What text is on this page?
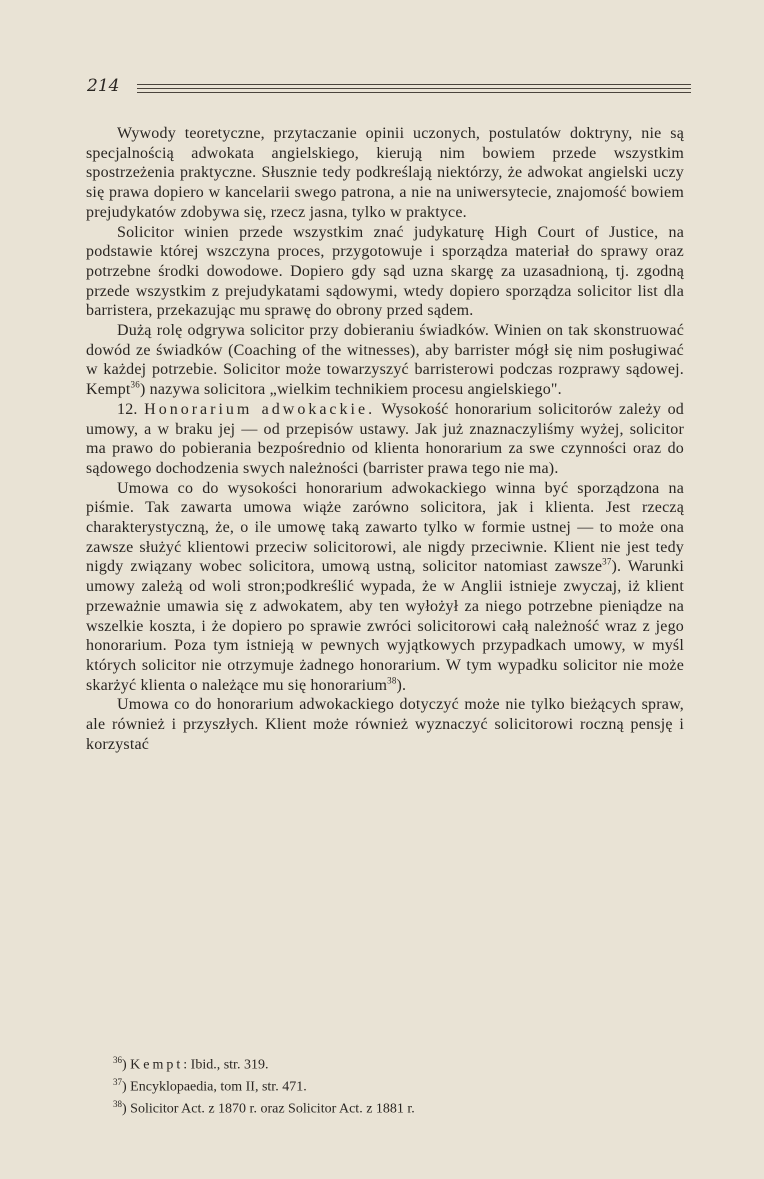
214

Wywody teoretyczne, przytaczanie opinii uczonych, postulatów doktryny, nie są specjalnością adwokata angielskiego, kierują nim bowiem przede wszystkim spostrzeżenia praktyczne. Słusznie tedy podkreślają niektórzy, że adwokat angielski uczy się prawa dopiero w kancelarii swego patrona, a nie na uniwersytecie, znajomość bowiem prejudykatów zdobywa się, rzecz jasna, tylko w praktyce.

Solicitor winien przede wszystkim znać judykaturę High Court of Justice, na podstawie której wszczyna proces, przygotowuje i sporządza materiał do sprawy oraz potrzebne środki dowodowe. Dopiero gdy sąd uzna skargę za uzasadnioną, tj. zgodną przede wszystkim z prejudykatami sądowymi, wtedy dopiero sporządza solicitor list dla barristera, przekazując mu sprawę do obrony przed sądem.

Dużą rolę odgrywa solicitor przy dobieraniu świadków. Winien on tak skonstruować dowód ze świadków (Coaching of the witnesses), aby barrister mógł się nim posługiwać w każdej potrzebie. Solicitor może towarzyszyć barristerowi podczas rozprawy sądowej. Kempt$^{36}$) nazywa solicitora „wielkim technikiem procesu angielskiego".

12. Honorarium adwokackie. Wysokość honorarium solicitorów zależy od umowy, a w braku jej — od przepisów ustawy. Jak już znaznaczyliśmy wyżej, solicitor ma prawo do pobierania bezpośrednio od klienta honorarium za swe czynności oraz do sądowego dochodzenia swych należności (barrister prawa tego nie ma).

Umowa co do wysokości honorarium adwokackiego winna być sporządzona na piśmie. Tak zawarta umowa wiąże zarówno solicitora, jak i klienta. Jest rzeczą charakterystyczną, że, o ile umowę taką zawarto tylko w formie ustnej — to może ona zawsze służyć klientowi przeciw solicitorowi, ale nigdy przeciwnie. Klient nie jest tedy nigdy związany wobec solicitora, umową ustną, solicitor natomiast zawsze$^{37}$). Warunki umowy zależą od woli stron;podkreślić wypada, że w Anglii istnieje zwyczaj, iż klient przeważnie umawia się z adwokatem, aby ten wyłożył za niego potrzebne pieniądze na wszelkie koszta, i że dopiero po sprawie zwróci solicitorowi całą należność wraz z jego honorarium. Poza tym istnieją w pewnych wyjątkowych przypadkach umowy, w myśl których solicitor nie otrzymuje żadnego honorarium. W tym wypadku solicitor nie może skarżyć klienta o należące mu się honorarium$^{38}$).

Umowa co do honorarium adwokackiego dotyczyć może nie tylko bieżących spraw, ale również i przyszłych. Klient może również wyznaczyć solicitorowi roczną pensję i korzystać

$^{36}$) Kempt: Ibid., str. 319.
$^{37}$) Encyklopaedia, tom II, str. 471.
$^{38}$) Solicitor Act. z 1870 r. oraz Solicitor Act. z 1881 r.
